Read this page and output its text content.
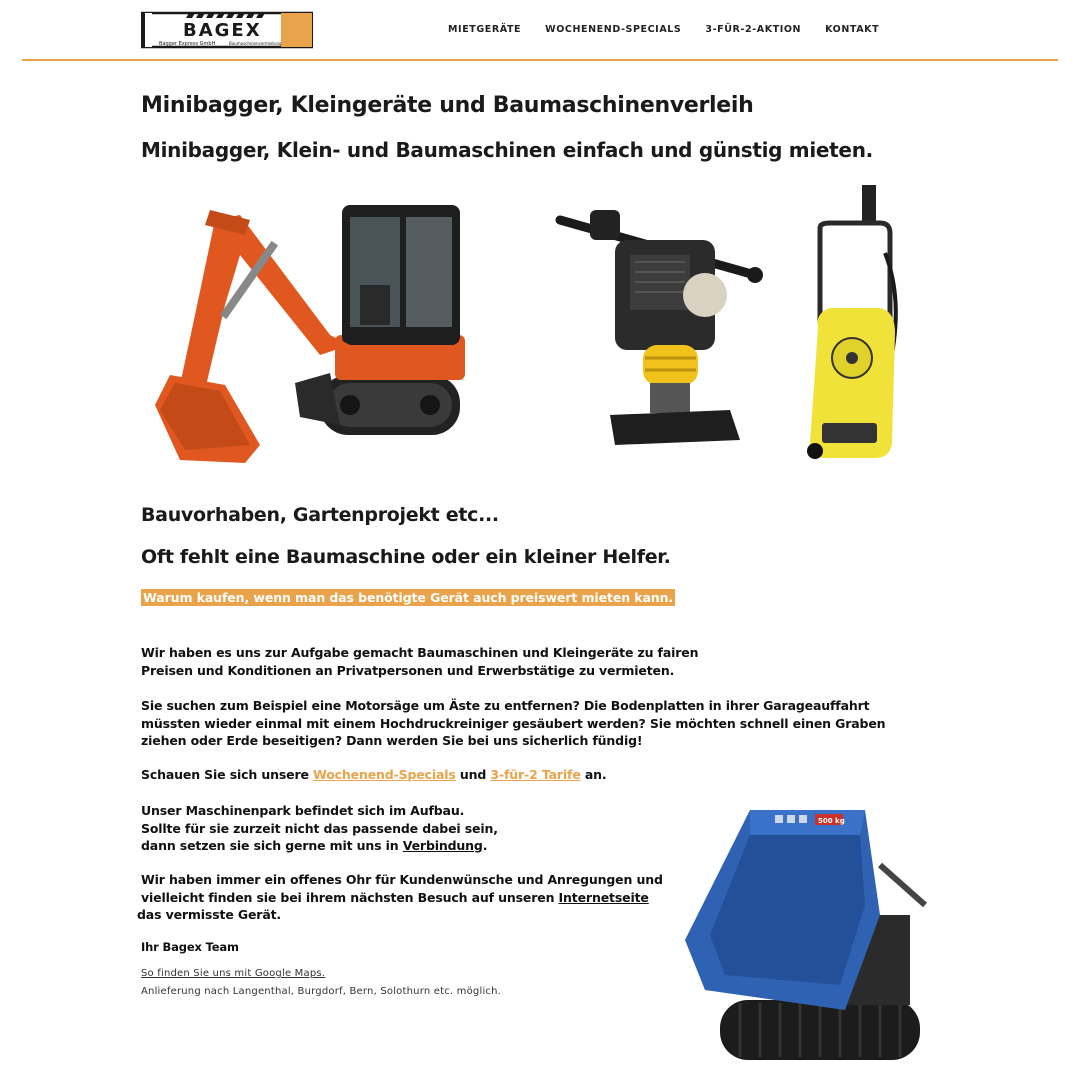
BAGEX
Bagger Express GmbH	Baumaschinenvermietung
MIETGERÄTE	WOCHENEND-SPECIALS	3-FÜR-2-AKTION	KONTAKT
Minibagger, Kleingeräte und Baumaschinenverleih
Minibagger, Klein- und Baumaschinen einfach und günstig mieten.
Bauvorhaben, Gartenprojekt etc...
Oft fehlt eine Baumaschine oder ein kleiner Helfer.
Warum kaufen, wenn man das benötigte Gerät auch preiswert mieten kann.

Wir haben es uns zur Aufgabe gemacht Baumaschinen und Kleingeräte zu fairen Preisen und Konditionen an Privatpersonen und Erwerbstätige zu vermieten.

Sie suchen zum Beispiel eine Motorsäge um Äste zu entfernen? Die Bodenplatten in ihrer Garageauffahrt müssten wieder einmal mit einem Hochdruckreiniger gesäubert werden? Sie möchten schnell einen Graben ziehen oder Erde beseitigen? Dann werden Sie bei uns sicherlich fündig!

Schauen Sie sich unsere Wochenend-Specials und 3-für-2 Tarife an.

Unser Maschinenpark befindet sich im Aufbau.
Sollte für sie zurzeit nicht das passende dabei sein,
dann setzen sie sich gerne mit uns in Verbindung.

Wir haben immer ein offenes Ohr für Kundenwünsche und Anregungen und vielleicht finden sie bei ihrem nächsten Besuch auf unseren Internetseite
das vermisste Gerät.

Ihr Bagex Team

So finden Sie uns mit Google Maps.
Anlieferung nach Langenthal, Burgdorf, Bern, Solothurn etc. möglich.
500 kg
